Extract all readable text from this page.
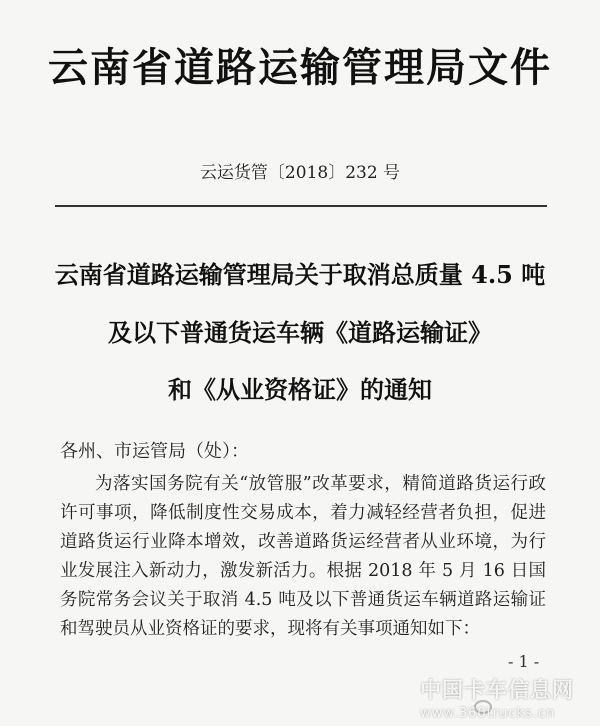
云南省道路运输管理局文件
云运货管〔2018〕232 号
云南省道路运输管理局关于取消总质量 4.5 吨
及以下普通货运车辆《道路运输证》
和《从业资格证》的通知
各州、市运管局（处）：
为落实国务院有关“放管服”改革要求，精简道路货运行政许可事项，降低制度性交易成本，着力减轻经营者负担，促进道路货运行业降本增效，改善道路货运经营者从业环境，为行业发展注入新动力，激发新活力。根据 2018 年 5 月 16 日国务院常务会议关于取消 4.5 吨及以下普通货运车辆道路运输证和驾驶员从业资格证的要求，现将有关事项通知如下：
- 1 -
中国卡车信息网
www.360trucks.cn
